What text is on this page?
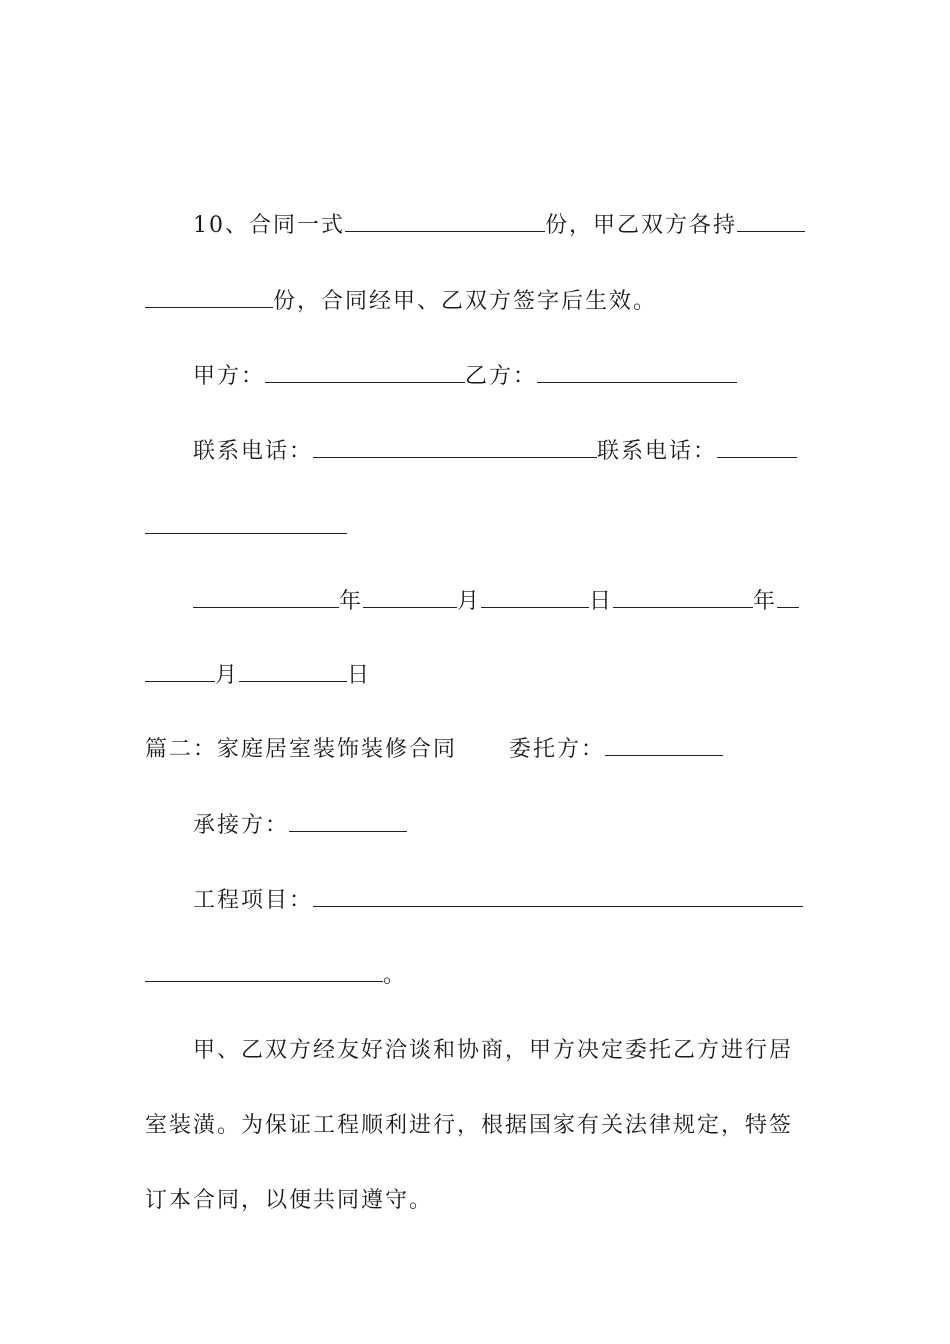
10、合同一式	份，甲乙双方各持
份，合同经甲、乙双方签字后生效。
甲方：	乙方：
联系电话：	联系电话：
年	月	日	年
月	日
篇二：家庭居室装饰装修合同 委托方：
承接方：
工程项目：
。
甲、乙双方经友好洽谈和协商，甲方决定委托乙方进行居
室装潢。为保证工程顺利进行，根据国家有关法律规定，特签
订本合同，以便共同遵守。
